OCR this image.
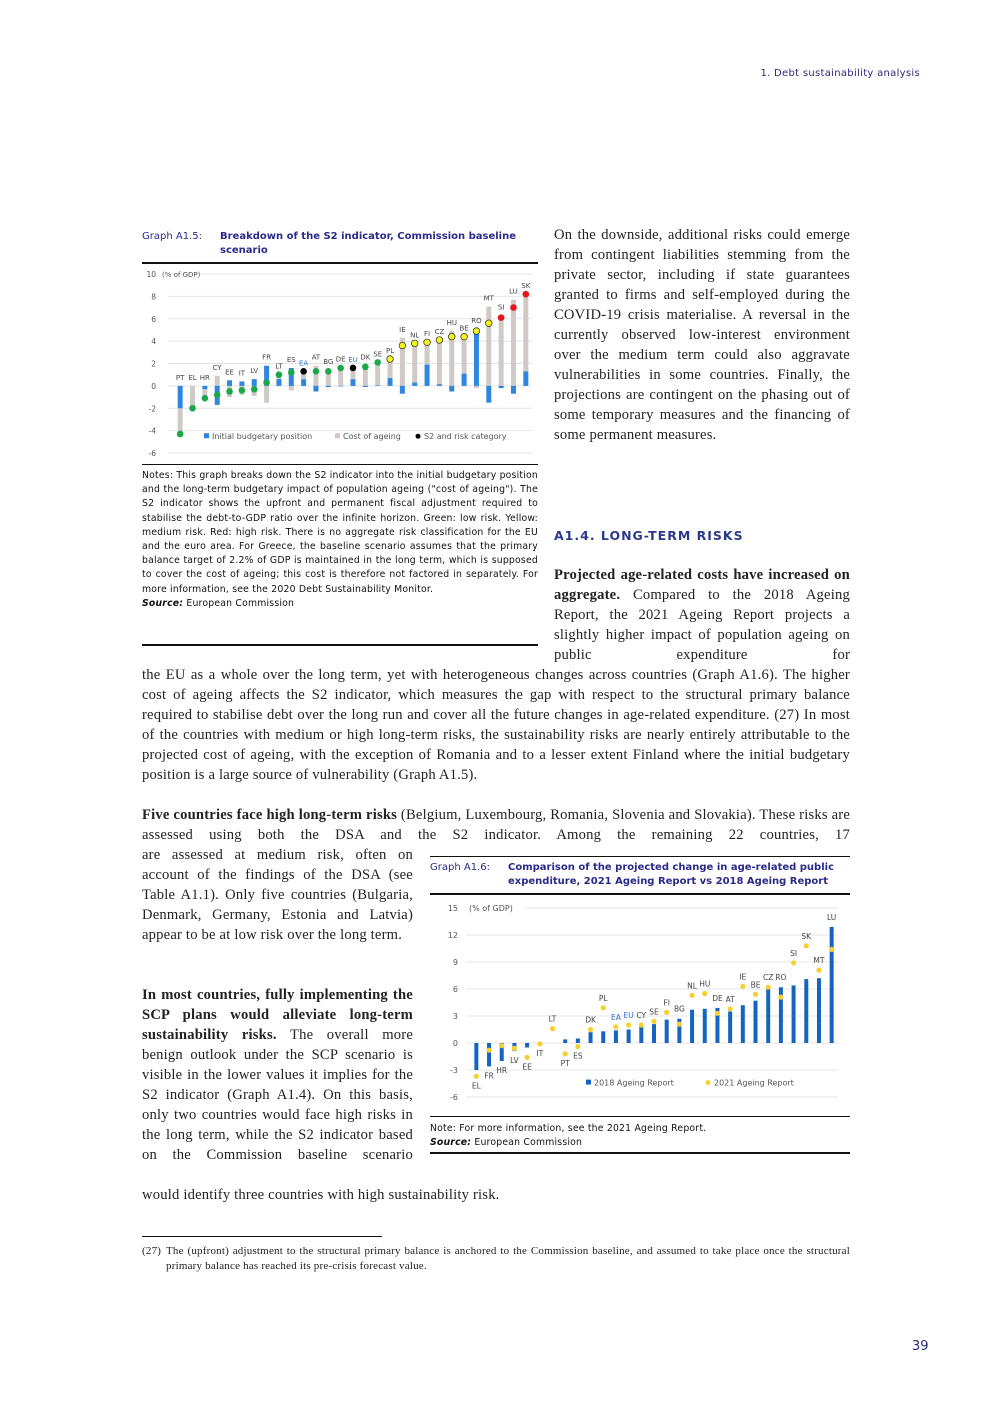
1. Debt sustainability analysis
Graph A1.5:	Breakdown of the S2 indicator, Commission baseline scenario
10
8
6
4
2
0
-2
-4
-6
(% of GDP)
PT EL HR
CY
EE IT LV
FR
LT
ES EA
AT
BG DE EU DK SE PL
IE
NL FI CZ
HU
BE
RO
MT
SI
LU
SK
Initial budgetary position	Cost of ageing	S2 and risk category
Notes: This graph breaks down the S2 indicator into the initial budgetary position and the long-term budgetary impact of population ageing ("cost of ageing"). The S2 indicator shows the upfront and permanent fiscal adjustment required to stabilise the debt-to-GDP ratio over the infinite horizon. Green: low risk. Yellow: medium risk. Red: high risk. There is no aggregate risk classification for the EU and the euro area. For Greece, the baseline scenario assumes that the primary balance target of 2.2% of GDP is maintained in the long term, which is supposed to cover the cost of ageing; this cost is therefore not factored in separately. For more information, see the 2020 Debt Sustainability Monitor.
Source: European Commission
On the downside, additional risks could emerge from contingent liabilities stemming from the private sector, including if state guarantees granted to firms and self-employed during the COVID-19 crisis materialise. A reversal in the currently observed low-interest environment over the medium term could also aggravate vulnerabilities in some countries. Finally, the projections are contingent on the phasing out of some temporary measures and the financing of some permanent measures.
A1.4. LONG-TERM RISKS
Projected age-related costs have increased on aggregate. Compared to the 2018 Ageing Report, the 2021 Ageing Report projects a slightly higher impact of population ageing on public expenditure for
the EU as a whole over the long term, yet with heterogeneous changes across countries (Graph A1.6). The higher cost of ageing affects the S2 indicator, which measures the gap with respect to the structural primary balance required to stabilise debt over the long run and cover all the future changes in age-related expenditure. (27) In most of the countries with medium or high long-term risks, the sustainability risks are nearly entirely attributable to the projected cost of ageing, with the exception of Romania and to a lesser extent Finland where the initial budgetary position is a large source of vulnerability (Graph A1.5).
Five countries face high long-term risks (Belgium, Luxembourg, Romania, Slovenia and Slovakia). These risks are assessed using both the DSA and the S2 indicator. Among the remaining 22 countries, 17
are assessed at medium risk, often on account of the findings of the DSA (see Table A1.1). Only five countries (Bulgaria, Denmark, Germany, Estonia and Latvia) appear to be at low risk over the long term.
In most countries, fully implementing the SCP plans would alleviate long-term sustainability risks. The overall more benign outlook under the SCP scenario is visible in the lower values it implies for the S2 indicator (Graph A1.4). On this basis, only two countries would face high risks in the long term, while the S2 indicator based on the Commission baseline scenario
would identify three countries with high sustainability risk.
Graph A1.6:	Comparison of the projected change in age-related public expenditure, 2021 Ageing Report vs 2018 Ageing Report
15
12
9
6
3
0
-3
-6
(% of GDP)
EL
FR
HR
LV
EE
IT
LT
PT
ES
DK
PL
EA EU CY SE
FI
BG
NL HU
DE AT
IE
BE
CZ RO
SI
SK
MT
LU
2018 Ageing Report	2021 Ageing Report
Note: For more information, see the 2021 Ageing Report.
Source: European Commission
(27) The (upfront) adjustment to the structural primary balance is anchored to the Commission baseline, and assumed to take place once the structural primary balance has reached its pre-crisis forecast value.
39
